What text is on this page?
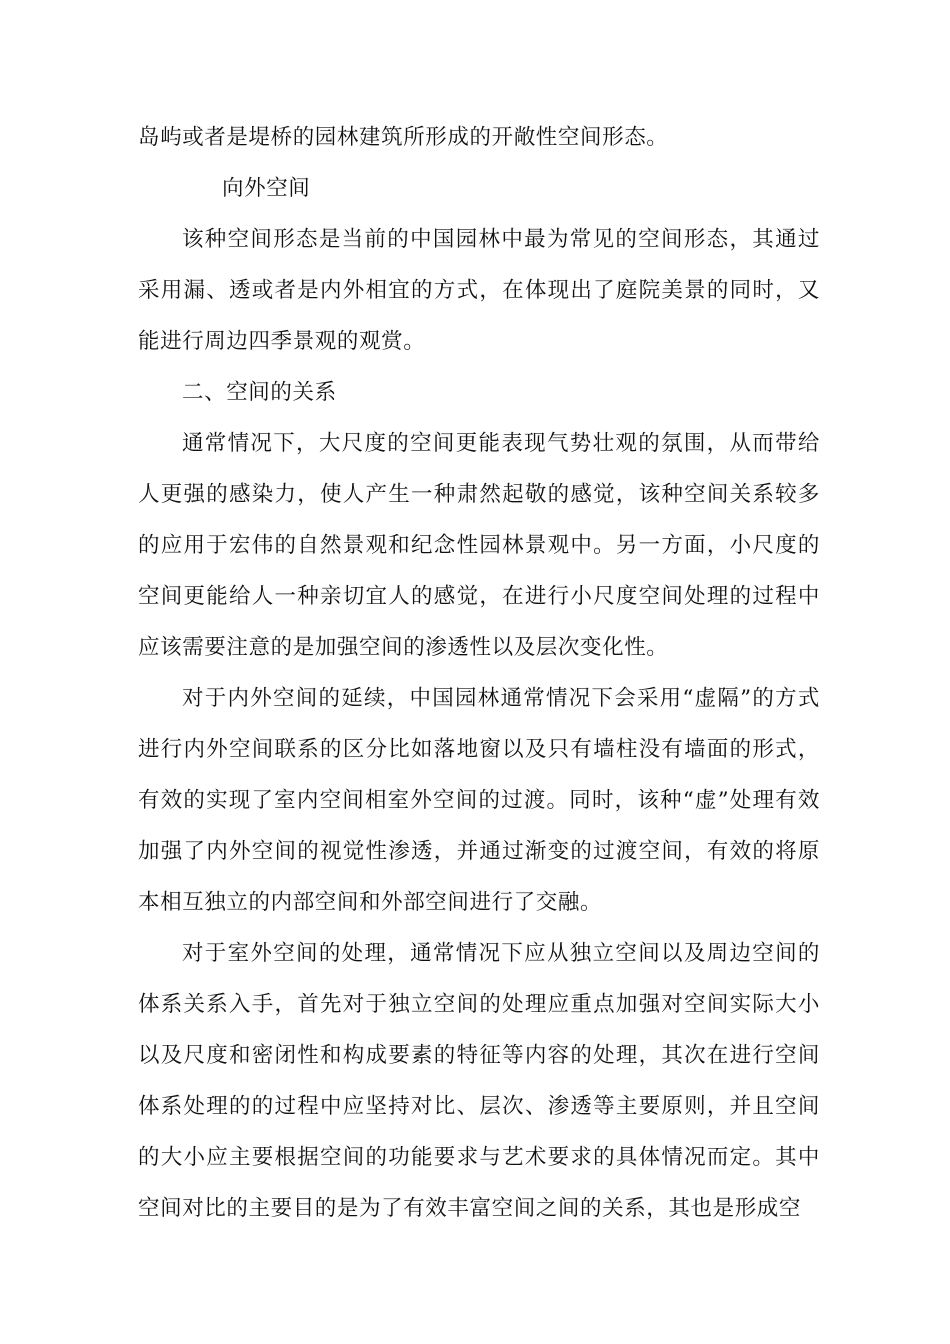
岛屿或者是堤桥的园林建筑所形成的开敞性空间形态。

向外空间

该种空间形态是当前的中国园林中最为常见的空间形态，其通过采用漏、透或者是内外相宜的方式，在体现出了庭院美景的同时，又能进行周边四季景观的观赏。

二、空间的关系

通常情况下，大尺度的空间更能表现气势壮观的氛围，从而带给人更强的感染力，使人产生一种肃然起敬的感觉，该种空间关系较多的应用于宏伟的自然景观和纪念性园林景观中。另一方面，小尺度的空间更能给人一种亲切宜人的感觉，在进行小尺度空间处理的过程中应该需要注意的是加强空间的渗透性以及层次变化性。

对于内外空间的延续，中国园林通常情况下会采用“虚隔”的方式进行内外空间联系的区分比如落地窗以及只有墙柱没有墙面的形式，有效的实现了室内空间相室外空间的过渡。同时，该种“虚”处理有效加强了内外空间的视觉性渗透，并通过渐变的过渡空间，有效的将原本相互独立的内部空间和外部空间进行了交融。

对于室外空间的处理，通常情况下应从独立空间以及周边空间的体系关系入手，首先对于独立空间的处理应重点加强对空间实际大小以及尺度和密闭性和构成要素的特征等内容的处理，其次在进行空间体系处理的的过程中应坚持对比、层次、渗透等主要原则，并且空间的大小应主要根据空间的功能要求与艺术要求的具体情况而定。其中空间对比的主要目的是为了有效丰富空间之间的关系，其也是形成空
